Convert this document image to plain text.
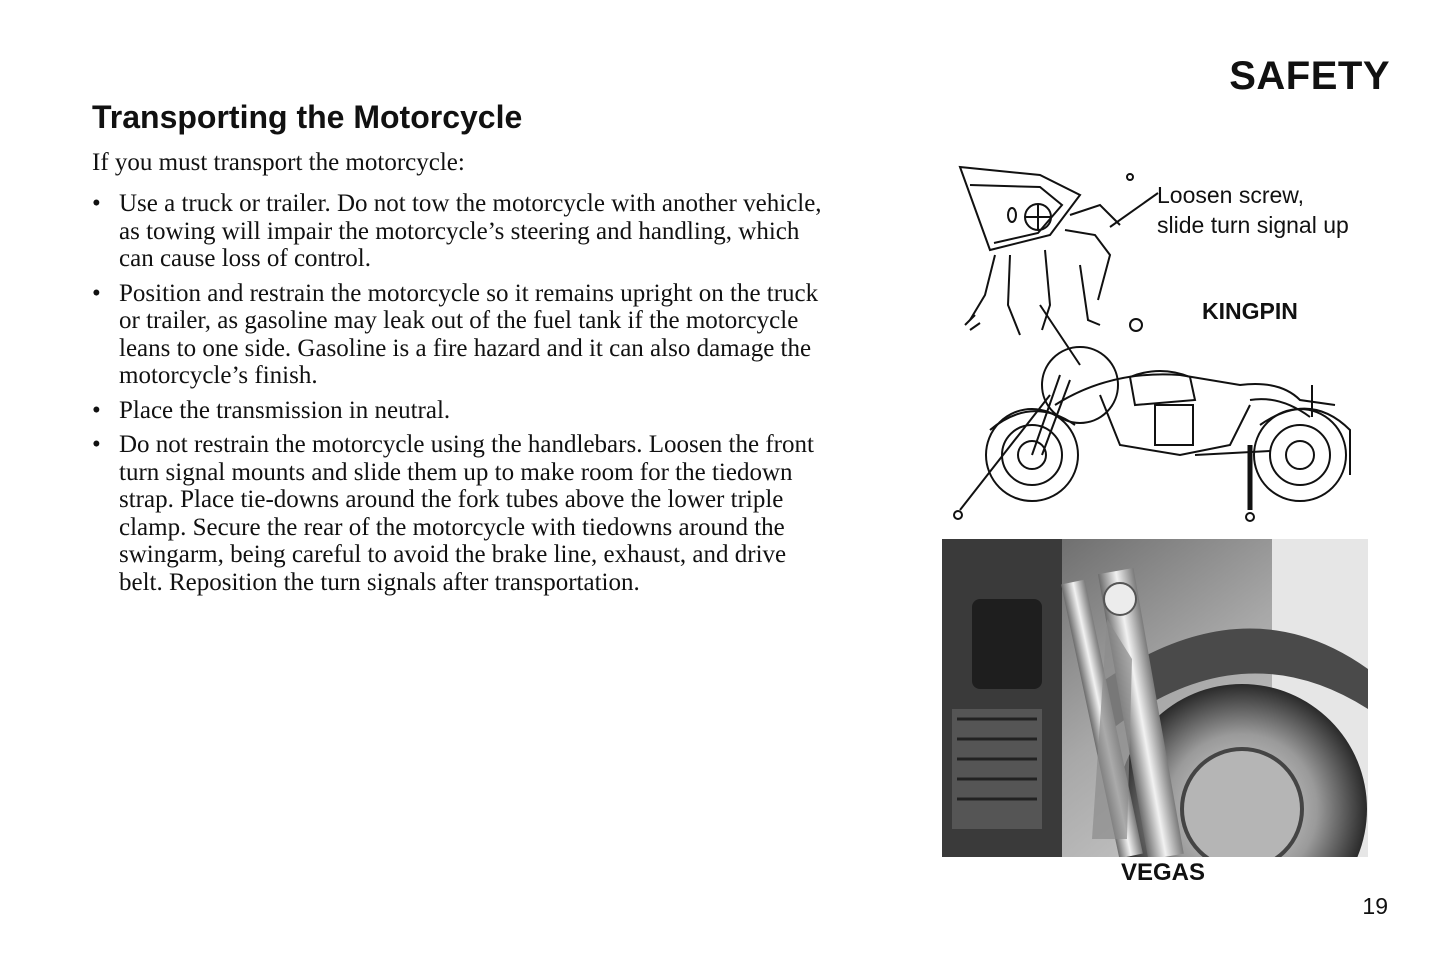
SAFETY
Transporting the Motorcycle

If you must transport the motorcycle:

• Use a truck or trailer. Do not tow the motorcycle with another vehicle, as towing will impair the motorcycle’s steering and handling, which can cause loss of control.
• Position and restrain the motorcycle so it remains upright on the truck or trailer, as gasoline may leak out of the fuel tank if the motorcycle leans to one side. Gasoline is a fire hazard and it can also damage the motorcycle’s finish.
• Place the transmission in neutral.
• Do not restrain the motorcycle using the handlebars. Loosen the front turn signal mounts and slide them up to make room for the tiedown strap. Place tie-downs around the fork tubes above the lower triple clamp. Secure the rear of the motorcycle with tiedowns around the swingarm, being careful to avoid the brake line, exhaust, and drive belt. Reposition the turn signals after transportation.
Loosen screw,
slide turn signal up
KINGPIN
VEGAS
19
